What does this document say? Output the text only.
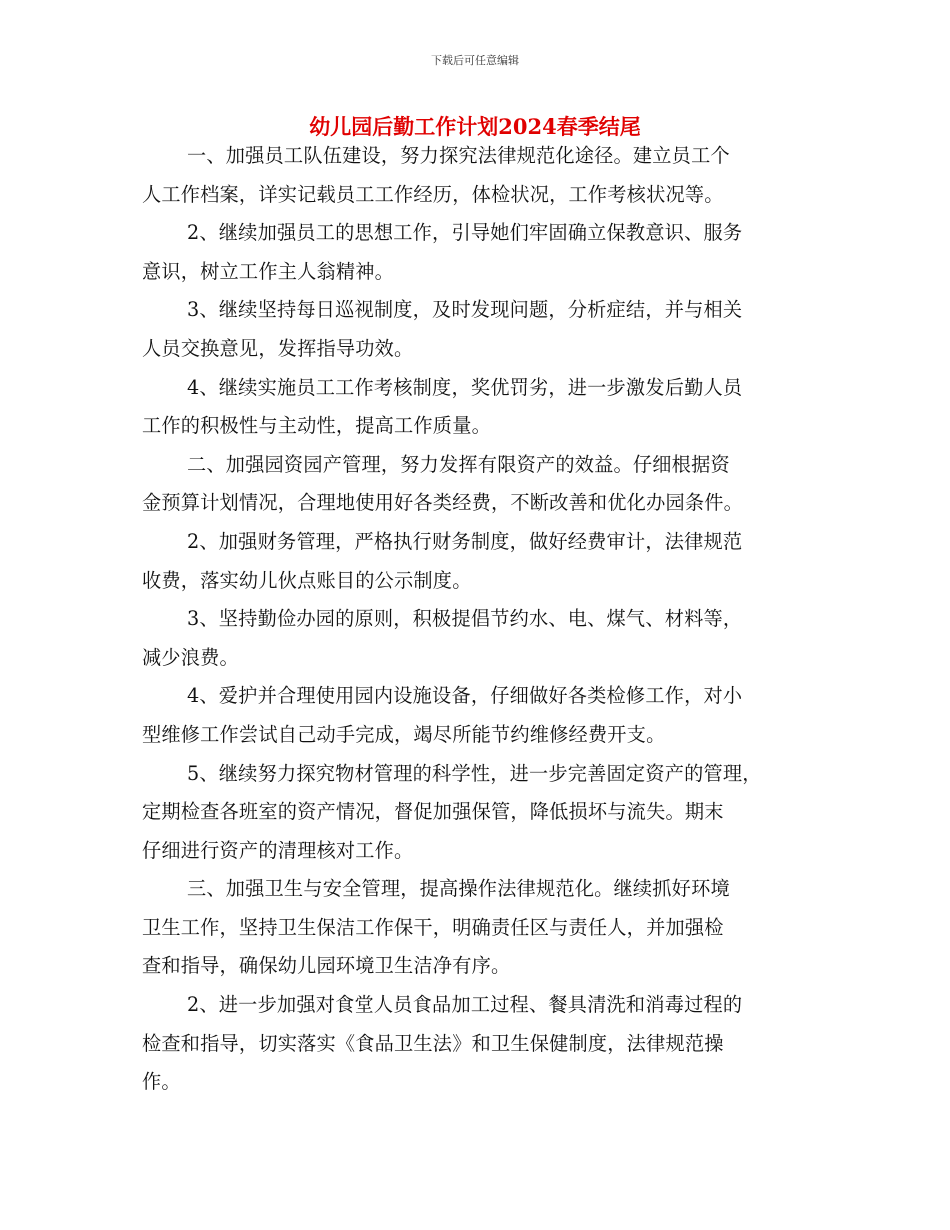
下载后可任意编辑
幼儿园后勤工作计划2024春季结尾

一、加强员工队伍建设，努力探究法律规范化途径。建立员工个
人工作档案，详实记载员工工作经历，体检状况，工作考核状况等。

2、继续加强员工的思想工作，引导她们牢固确立保教意识、服务
意识，树立工作主人翁精神。

3、继续坚持每日巡视制度，及时发现问题，分析症结，并与相关
人员交换意见，发挥指导功效。

4、继续实施员工工作考核制度，奖优罚劣，进一步激发后勤人员
工作的积极性与主动性，提高工作质量。

二、加强园资园产管理，努力发挥有限资产的效益。仔细根据资
金预算计划情况，合理地使用好各类经费，不断改善和优化办园条件。

2、加强财务管理，严格执行财务制度，做好经费审计，法律规范
收费，落实幼儿伙点账目的公示制度。

3、坚持勤俭办园的原则，积极提倡节约水、电、煤气、材料等，
减少浪费。

4、爱护并合理使用园内设施设备，仔细做好各类检修工作，对小
型维修工作尝试自己动手完成，竭尽所能节约维修经费开支。

5、继续努力探究物材管理的科学性，进一步完善固定资产的管理，
定期检查各班室的资产情况，督促加强保管，降低损坏与流失。期末
仔细进行资产的清理核对工作。

三、加强卫生与安全管理，提高操作法律规范化。继续抓好环境
卫生工作，坚持卫生保洁工作保干，明确责任区与责任人，并加强检
查和指导，确保幼儿园环境卫生洁净有序。

2、进一步加强对食堂人员食品加工过程、餐具清洗和消毒过程的
检查和指导，切实落实《食品卫生法》和卫生保健制度，法律规范操
作。
